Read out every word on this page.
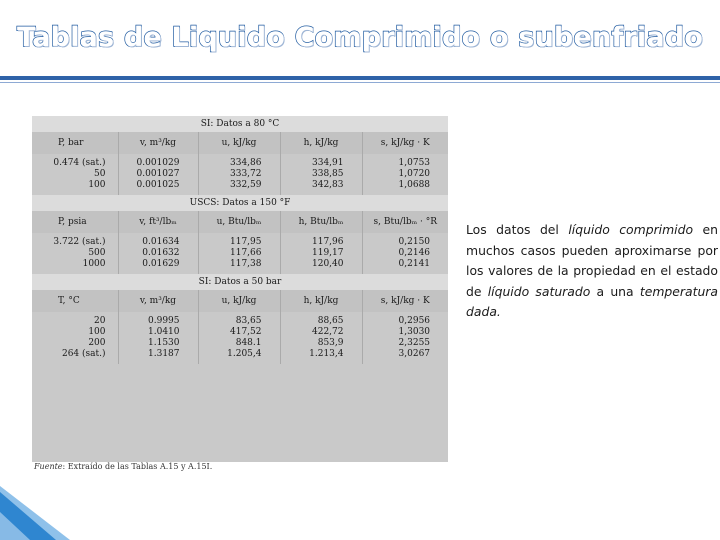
Tablas de Liquido Comprimido o subenfriado
SI: Datos a 80 °C				
P, bar	v, m³/kg	u, kJ/kg	h, kJ/kg	s, kJ/kg · K
0.474 (sat.)	0.001029	334,86	334,91	1,0753
50	0.001027	333,72	338,85	1,0720
100	0.001025	332,59	342,83	1,0688
USCS: Datos a 150 °F				
P, psia	v, ft³/lbₘ	u, Btu/lbₘ	h, Btu/lbₘ	s, Btu/lbₘ · °R
3.722 (sat.)	0.01634	117,95	117,96	0,2150
500	0.01632	117,66	119,17	0,2146
1000	0.01629	117,38	120,40	0,2141
SI: Datos a 50 bar				
T, °C	v, m³/kg	u, kJ/kg	h, kJ/kg	s, kJ/kg · K
20	0.9995	83,65	88,65	0,2956
100	1.0410	417,52	422,72	1,3030
200	1.1530	848.1	853,9	2,3255
264 (sat.)	1.3187	1.205,4	1.213,4	3,0267
Fuente: Extraído de las Tablas A.15 y A.15I.
Los datos del líquido comprimido en muchos casos pueden aproximarse por los valores de la propiedad en el estado de líquido saturado a una temperatura dada.
